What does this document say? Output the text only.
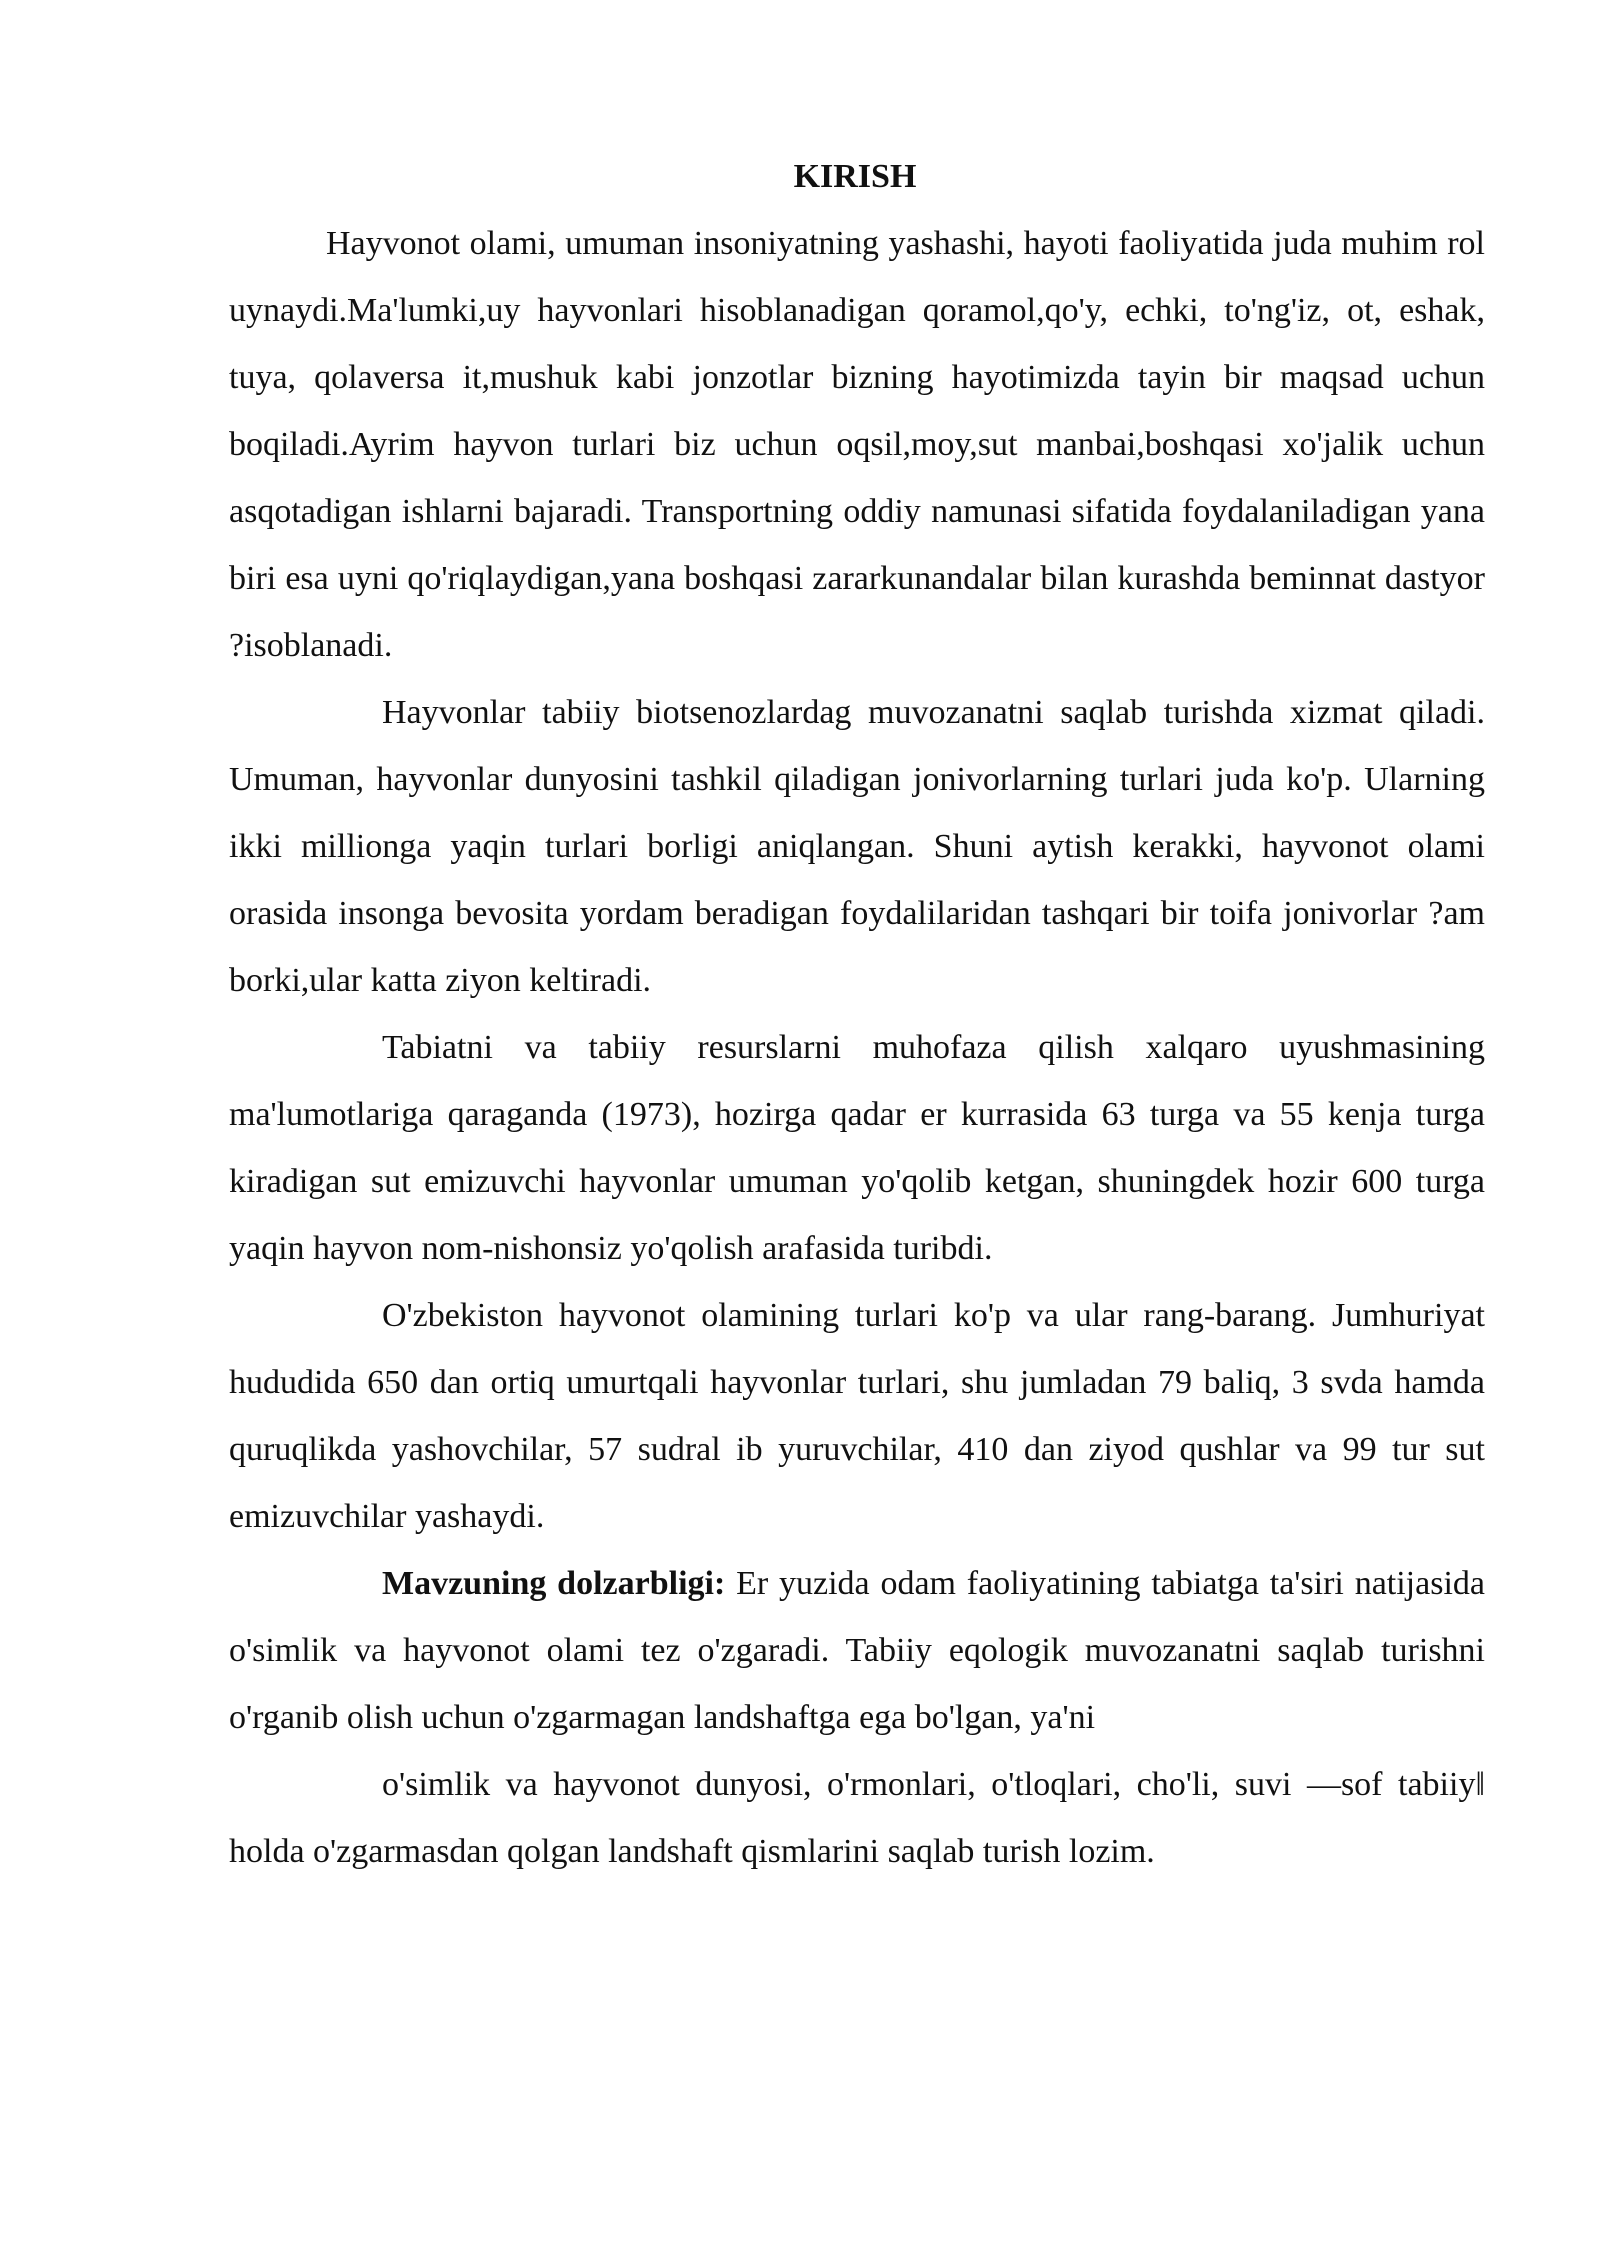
KIRISH

Hayvonot olami, umuman insoniyatning yashashi, hayoti faoliyatida juda muhim rol uynaydi.Ma'lumki,uy hayvonlari hisoblanadigan qoramol,qo'y, echki, to'ng'iz, ot, eshak, tuya, qolaversa it,mushuk kabi jonzotlar bizning hayotimizda tayin bir maqsad uchun boqiladi.Ayrim hayvon turlari biz uchun oqsil,moy,sut manbai,boshqasi xo'jalik uchun asqotadigan ishlarni bajaradi. Transportning oddiy namunasi sifatida foydalaniladigan yana biri esa uyni qo'riqlaydigan,yana boshqasi zararkunandalar bilan kurashda beminnat dastyor ?isoblanadi.

Hayvonlar tabiiy biotsenozlardag muvozanatni saqlab turishda xizmat qiladi. Umuman, hayvonlar dunyosini tashkil qiladigan jonivorlarning turlari juda ko'p. Ularning ikki millionga yaqin turlari borligi aniqlangan. Shuni aytish kerakki, hayvonot olami orasida insonga bevosita yordam beradigan foydalilaridan tashqari bir toifa jonivorlar ?am borki,ular katta ziyon keltiradi.

Tabiatni va tabiiy resurslarni muhofaza qilish xalqaro uyushmasining ma'lumotlariga qaraganda (1973), hozirga qadar er kurrasida 63 turga va 55 kenja turga kiradigan sut emizuvchi hayvonlar umuman yo'qolib ketgan, shuningdek hozir 600 turga yaqin hayvon nom-nishonsiz yo'qolish arafasida turibdi.

O'zbekiston hayvonot olamining turlari ko'p va ular rang-barang. Jumhuriyat hududida 650 dan ortiq umurtqali hayvonlar turlari, shu jumladan 79 baliq, 3 svda hamda quruqlikda yashovchilar, 57 sudral ib yuruvchilar, 410 dan ziyod qushlar va 99 tur sut emizuvchilar yashaydi.

Mavzuning dolzarbligi: Er yuzida odam faoliyatining tabiatga ta'siri natijasida o'simlik va hayvonot olami tez o'zgaradi. Tabiiy eqologik muvozanatni saqlab turishni o'rganib olish uchun o'zgarmagan landshaftga ega bo'lgan, ya'ni

o'simlik va hayvonot dunyosi, o'rmonlari, o'tloqlari, cho'li, suvi —sof tabiiy‖ holda o'zgarmasdan qolgan landshaft qismlarini saqlab turish lozim.
